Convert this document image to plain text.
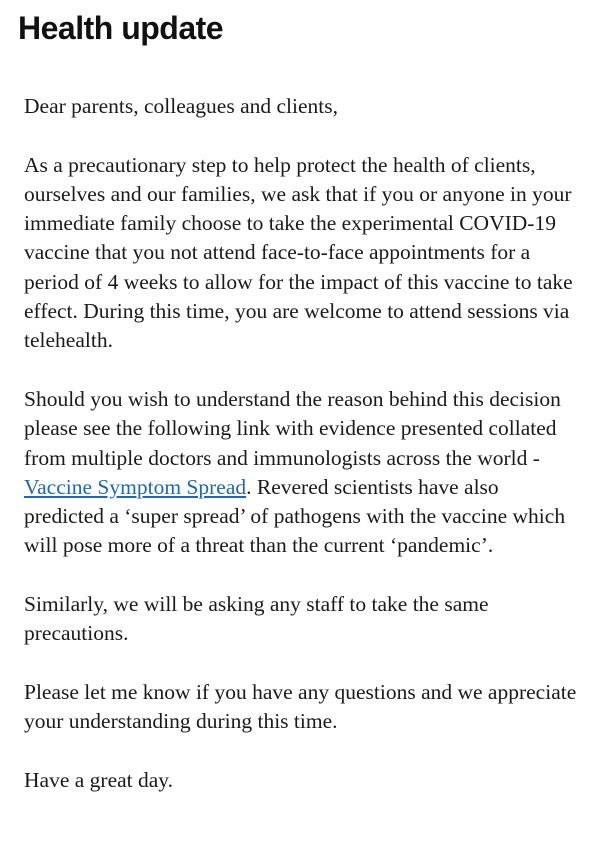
Health update

Dear parents, colleagues and clients,

As a precautionary step to help protect the health of clients, ourselves and our families, we ask that if you or anyone in your immediate family choose to take the experimental COVID-19 vaccine that you not attend face-to-face appointments for a period of 4 weeks to allow for the impact of this vaccine to take effect. During this time, you are welcome to attend sessions via telehealth.

Should you wish to understand the reason behind this decision please see the following link with evidence presented collated from multiple doctors and immunologists across the world - Vaccine Symptom Spread. Revered scientists have also predicted a ‘super spread’ of pathogens with the vaccine which will pose more of a threat than the current ‘pandemic’.

Similarly, we will be asking any staff to take the same precautions.

Please let me know if you have any questions and we appreciate your understanding during this time.

Have a great day.
